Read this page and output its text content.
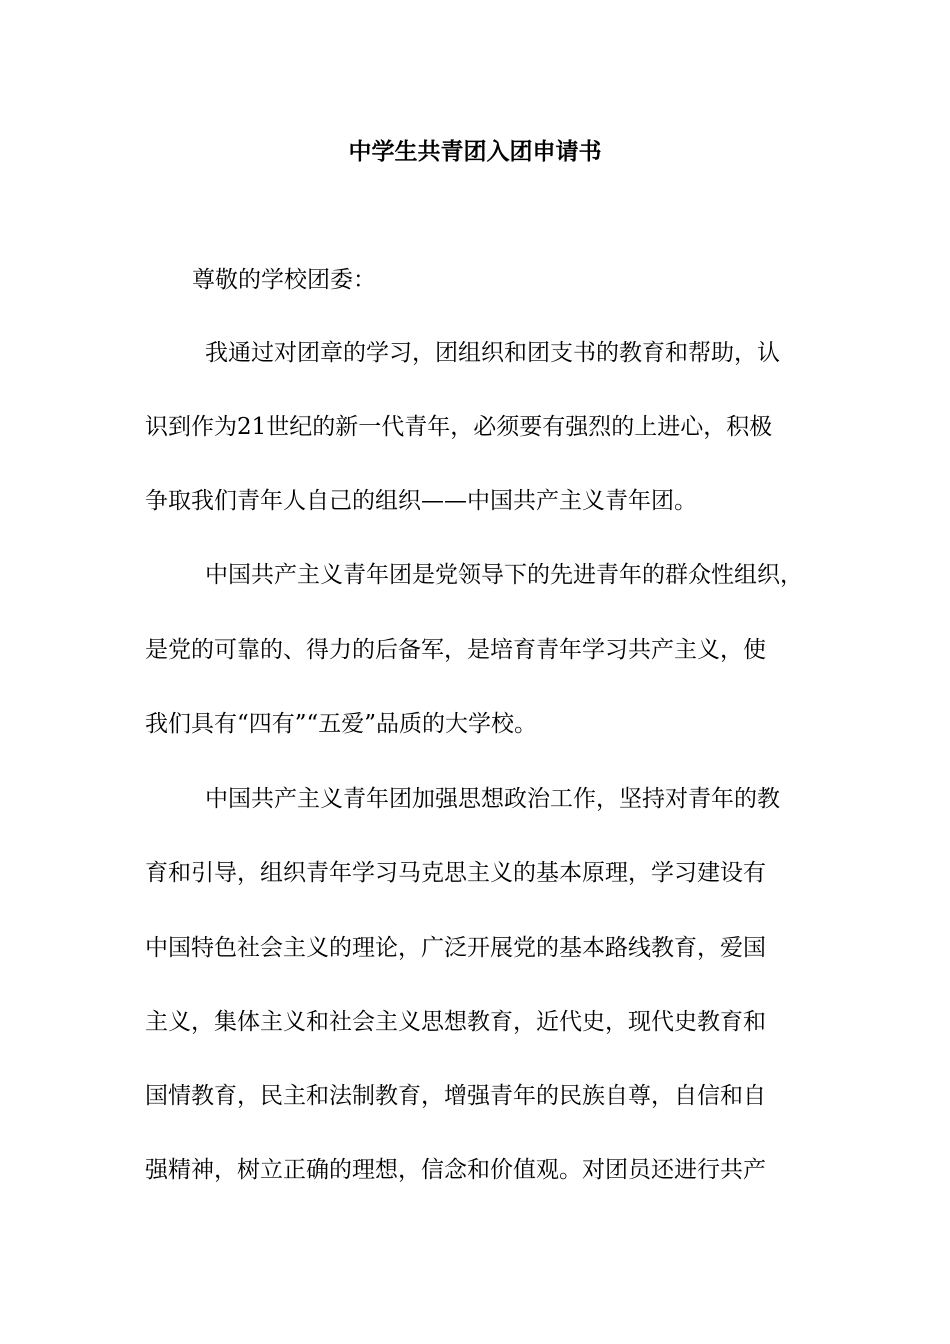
中学生共青团入团申请书
尊敬的学校团委：
我通过对团章的学习，团组织和团支书的教育和帮助，认
识到作为21世纪的新一代青年，必须要有强烈的上进心，积极
争取我们青年人自己的组织——中国共产主义青年团。
中国共产主义青年团是党领导下的先进青年的群众性组织，
是党的可靠的、得力的后备军，是培育青年学习共产主义，使
我们具有“四有”“五爱”品质的大学校。
中国共产主义青年团加强思想政治工作，坚持对青年的教
育和引导，组织青年学习马克思主义的基本原理，学习建设有
中国特色社会主义的理论，广泛开展党的基本路线教育，爱国
主义，集体主义和社会主义思想教育，近代史，现代史教育和
国情教育，民主和法制教育，增强青年的民族自尊，自信和自
强精神，树立正确的理想，信念和价值观。对团员还进行共产
